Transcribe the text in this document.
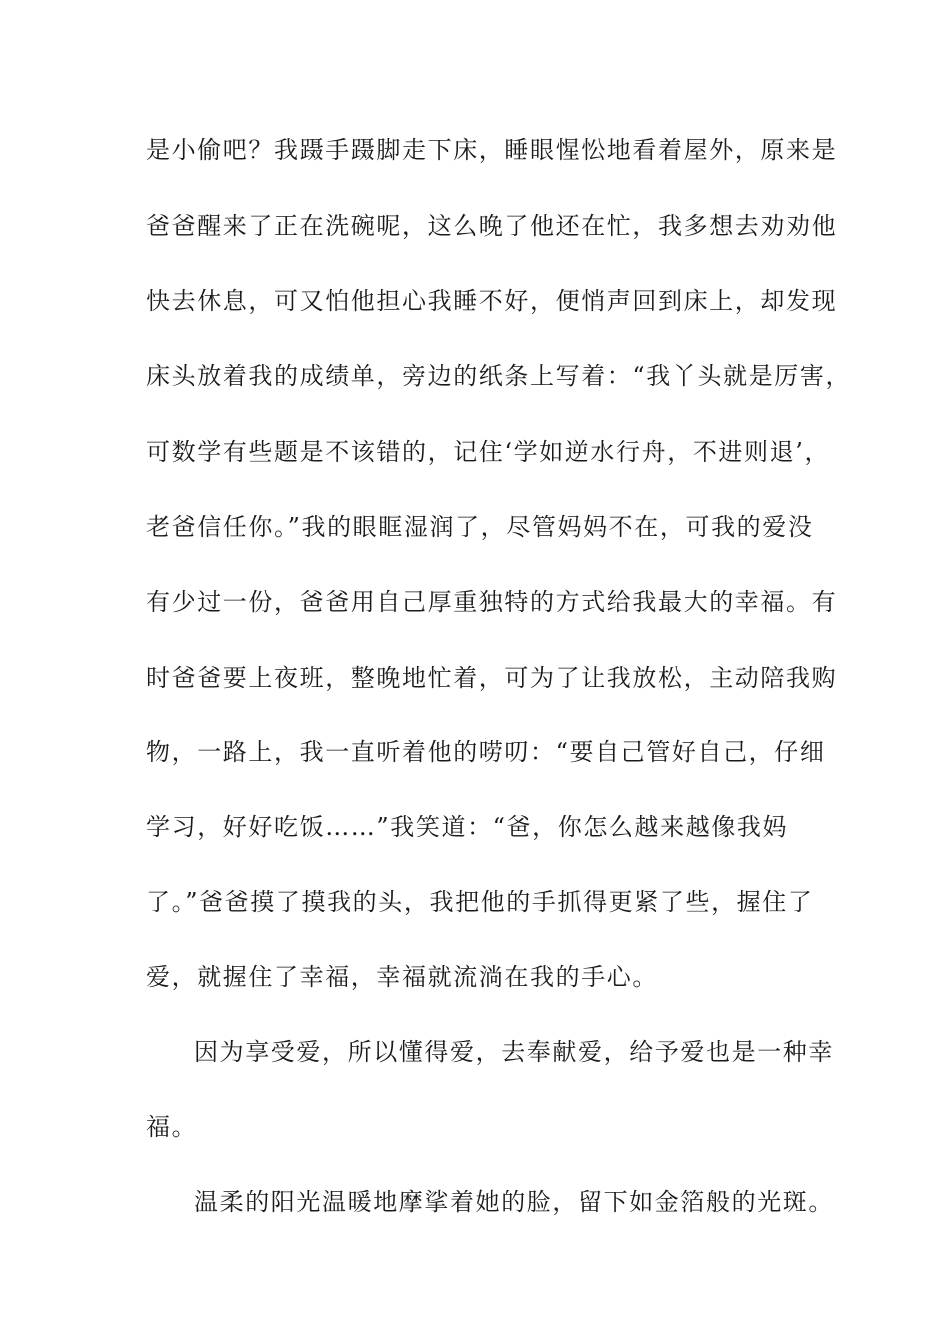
是小偷吧？我蹑手蹑脚走下床，睡眼惺忪地看着屋外，原来是
爸爸醒来了正在洗碗呢，这么晚了他还在忙，我多想去劝劝他
快去休息，可又怕他担心我睡不好，便悄声回到床上，却发现
床头放着我的成绩单，旁边的纸条上写着：“我丫头就是厉害，
可数学有些题是不该错的，记住‘学如逆水行舟，不进则退’，
老爸信任你。”我的眼眶湿润了，尽管妈妈不在，可我的爱没
有少过一份，爸爸用自己厚重独特的方式给我最大的幸福。有
时爸爸要上夜班，整晚地忙着，可为了让我放松，主动陪我购
物，一路上，我一直听着他的唠叨：“要自己管好自己，仔细
学习，好好吃饭……”我笑道：“爸，你怎么越来越像我妈
了。”爸爸摸了摸我的头，我把他的手抓得更紧了些，握住了
爱，就握住了幸福，幸福就流淌在我的手心。
因为享受爱，所以懂得爱，去奉献爱，给予爱也是一种幸
福。
温柔的阳光温暖地摩挲着她的脸，留下如金箔般的光斑。
